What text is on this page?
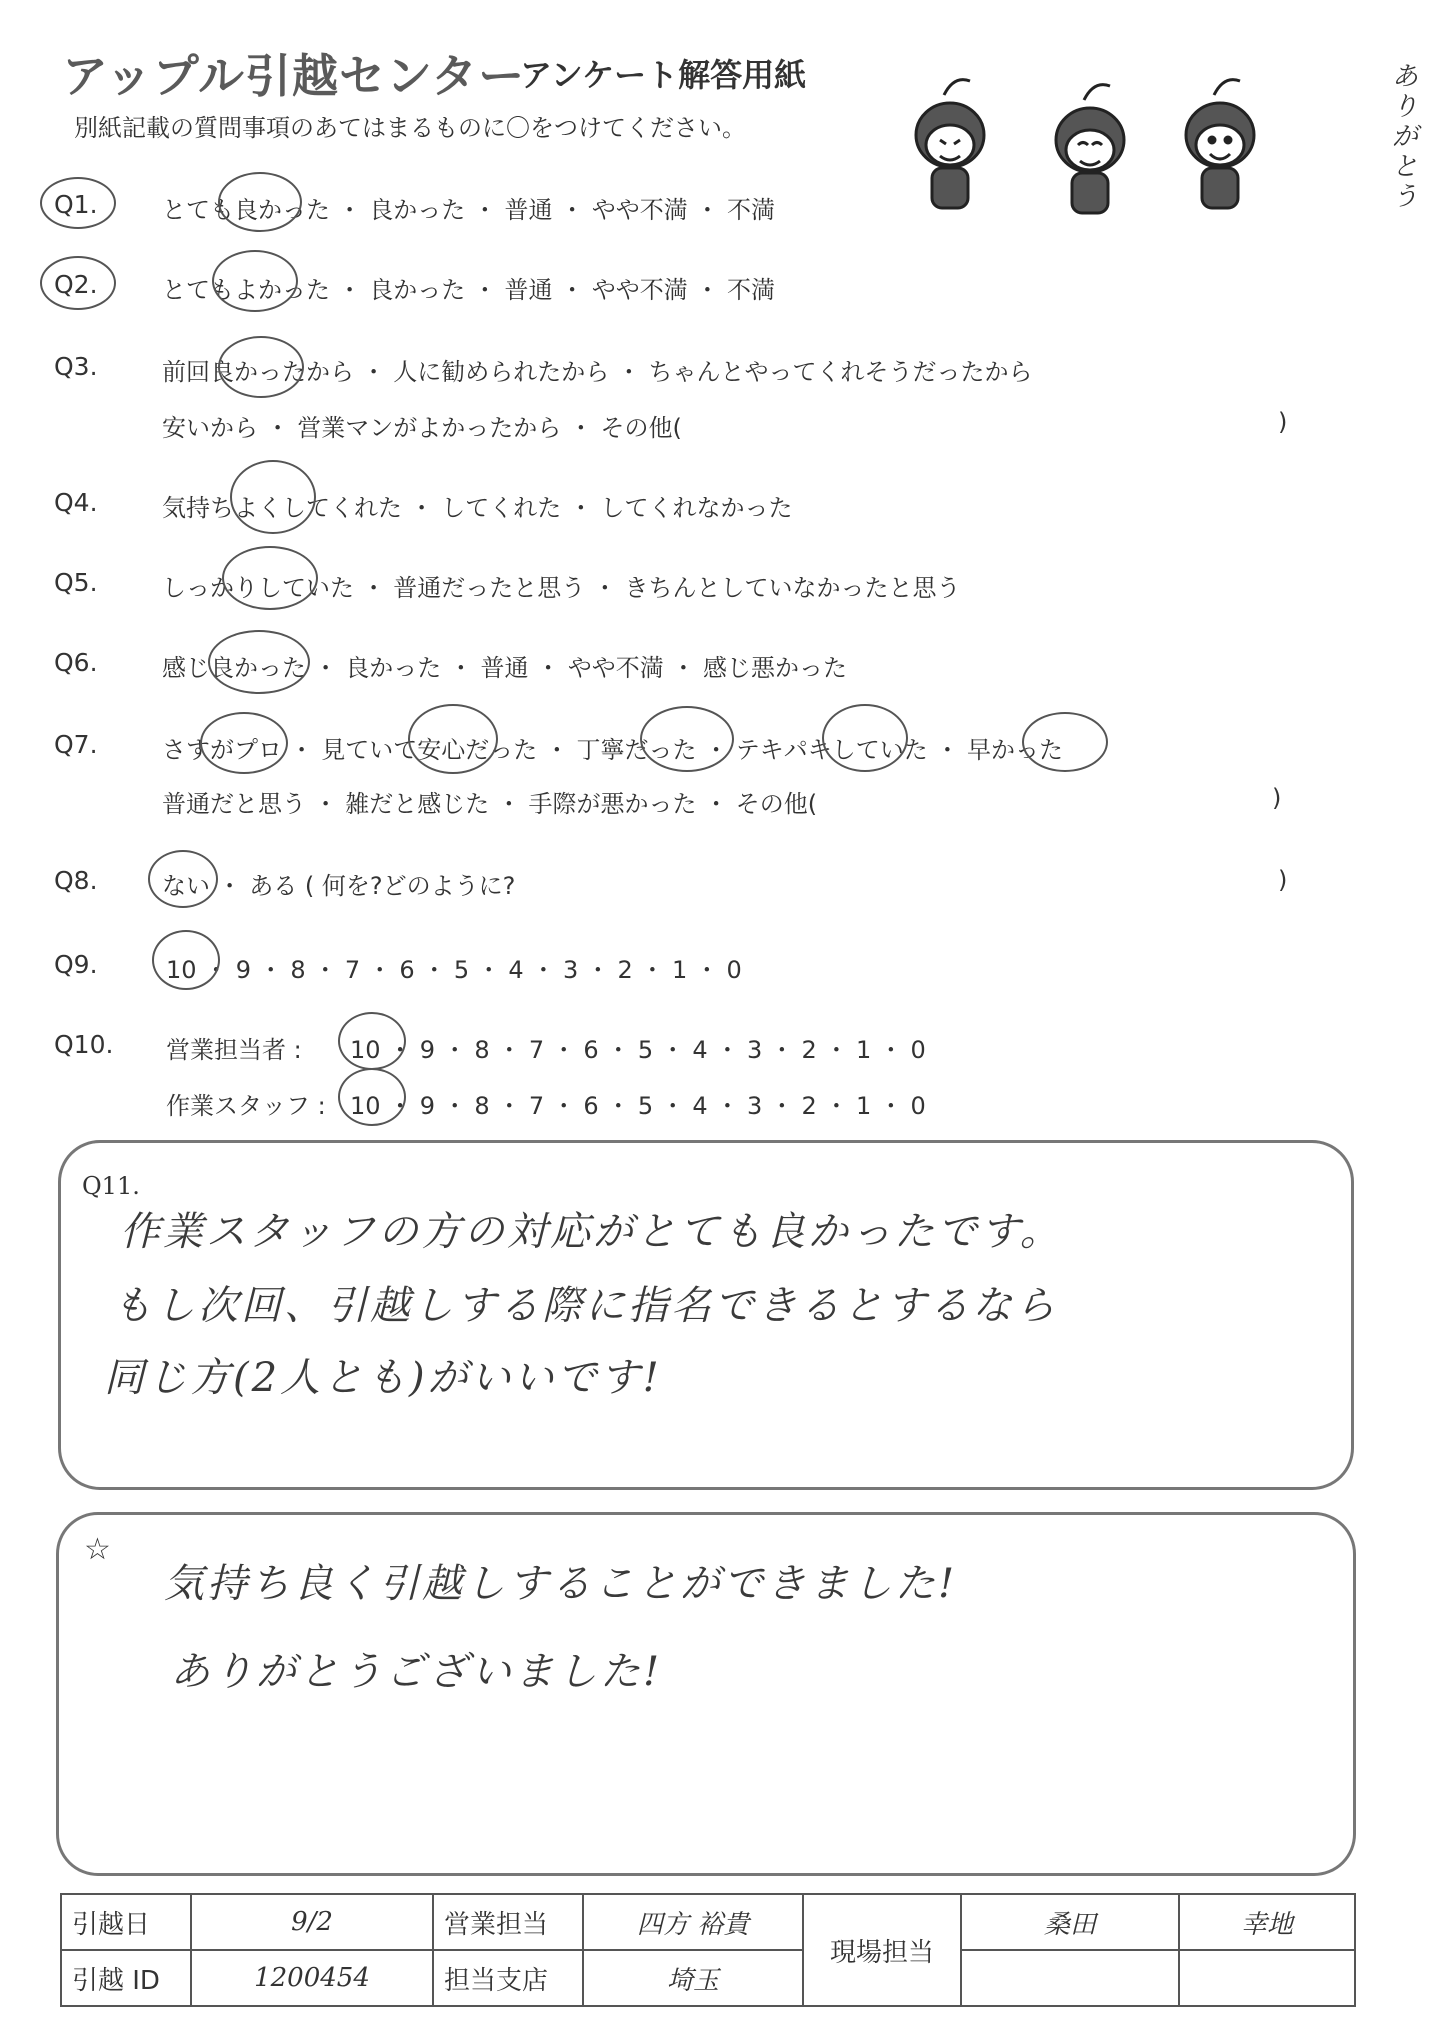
アップル引越センター
アンケート解答用紙
別紙記載の質問事項のあてはまるものに〇をつけてください。
ありがとう
Q1.	とても良かった ・ 良かった ・ 普通 ・ やや不満 ・ 不満
Q2.	とてもよかった ・ 良かった ・ 普通 ・ やや不満 ・ 不満
Q3.	前回良かったから ・ 人に勧められたから ・ ちゃんとやってくれそうだったから
安いから ・ 営業マンがよかったから ・ その他(	)
Q4.	気持ちよくしてくれた ・ してくれた ・ してくれなかった
Q5.	しっかりしていた ・ 普通だったと思う ・ きちんとしていなかったと思う
Q6.	感じ良かった ・ 良かった ・ 普通 ・ やや不満 ・ 感じ悪かった
Q7.	さすがプロ ・ 見ていて安心だった ・ 丁寧だった ・ テキパキしていた ・ 早かった
普通だと思う ・ 雑だと感じた ・ 手際が悪かった ・ その他(	)
Q8.	ない ・ ある ( 何を?どのように?	)
Q9.	10 ・ 9 ・ 8 ・ 7 ・ 6 ・ 5 ・ 4 ・ 3 ・ 2 ・ 1 ・ 0
Q10. 営業担当者 : 10 ・ 9 ・ 8 ・ 7 ・ 6 ・ 5 ・ 4 ・ 3 ・ 2 ・ 1 ・ 0
作業スタッフ : 10 ・ 9 ・ 8 ・ 7 ・ 6 ・ 5 ・ 4 ・ 3 ・ 2 ・ 1 ・ 0
Q11.
作業スタッフの方の対応がとても良かったです。
もし次回、引越しする際に指名できるとするなら
同じ方(2人とも)がいいです!
☆
気持ち良く引越しすることができました!
ありがとうございました!
引越日	9/2	営業担当	四方 裕貴	現場担当	桑田	幸地
引越 ID	1200454	担当支店	埼玉			
